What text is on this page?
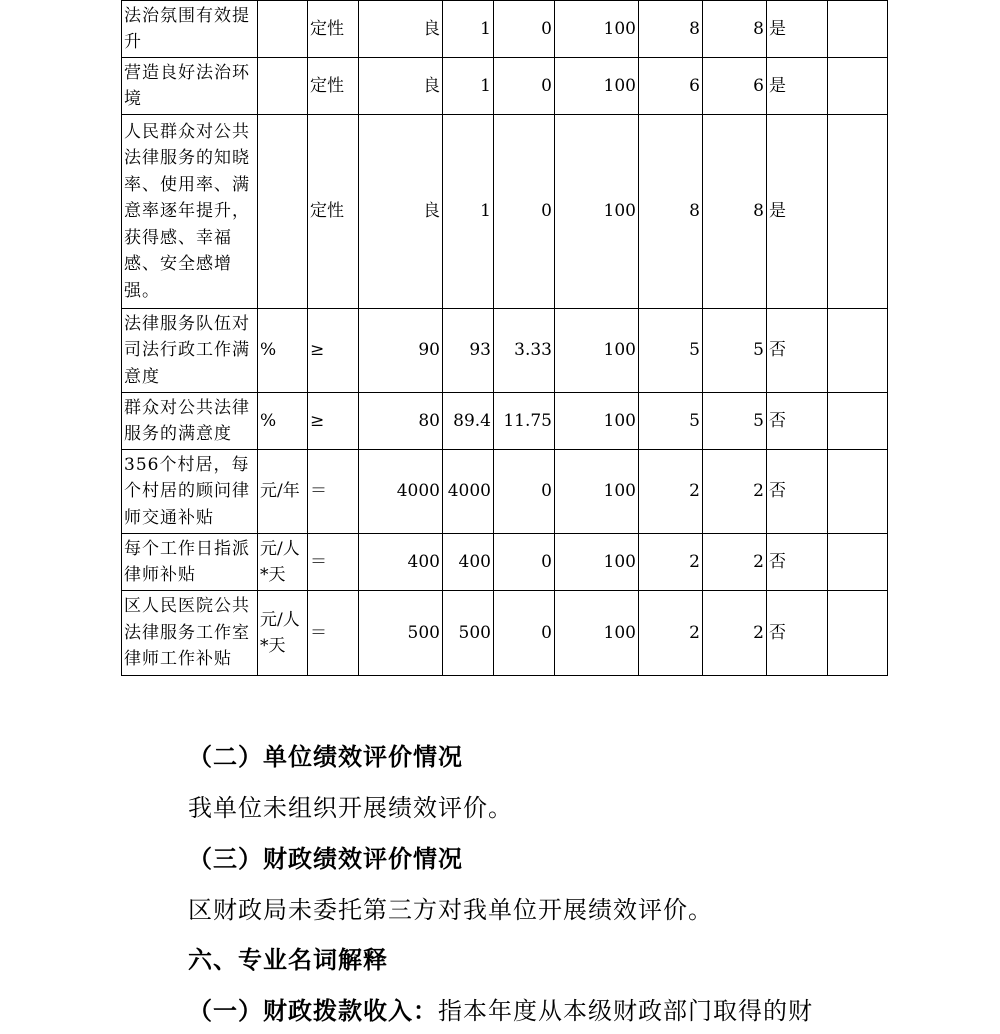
法治氛围有效提升		定性	良	1	0	100	8	8	是	
营造良好法治环境		定性	良	1	0	100	6	6	是	
人民群众对公共法律服务的知晓率、使用率、满意率逐年提升，获得感、幸福感、安全感增强。		定性	良	1	0	100	8	8	是	
法律服务队伍对司法行政工作满意度	%	≥	90	93	3.33	100	5	5	否	
群众对公共法律服务的满意度	%	≥	80	89.4	11.75	100	5	5	否	
356个村居，每个村居的顾问律师交通补贴	元/年	＝	4000	4000	0	100	2	2	否	
每个工作日指派律师补贴	元/人*天	＝	400	400	0	100	2	2	否	
区人民医院公共法律服务工作室律师工作补贴	元/人*天	＝	500	500	0	100	2	2	否	
（二）单位绩效评价情况
我单位未组织开展绩效评价。
（三）财政绩效评价情况
区财政局未委托第三方对我单位开展绩效评价。
六、专业名词解释
（一）财政拨款收入：指本年度从本级财政部门取得的财
